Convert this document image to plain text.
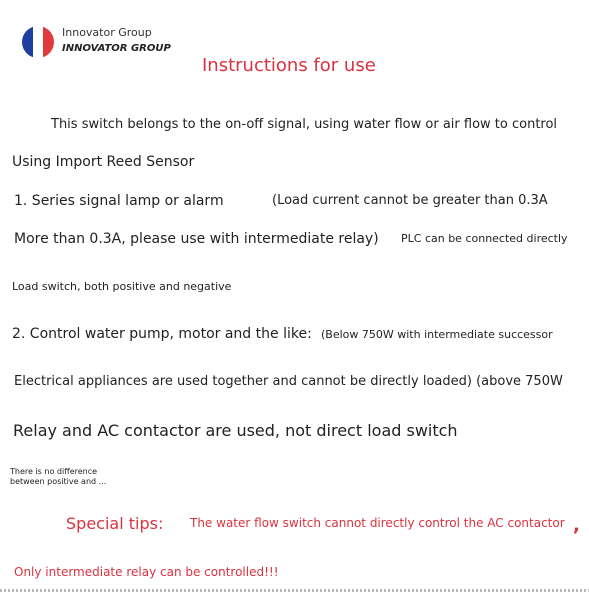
Innovator Group
INNOVATOR GROUP
Instructions for use
This switch belongs to the on-off signal, using water flow or air flow to control
Using Import Reed Sensor
1. Series signal lamp or alarm	(Load current cannot be greater than 0.3A
More than 0.3A, please use with intermediate relay) PLC can be connected directly
Load switch, both positive and negative
2. Control water pump, motor and the like: (Below 750W with intermediate successor
Electrical appliances are used together and cannot be directly loaded) (above 750W
Relay and AC contactor are used, not direct load switch
There is no difference
between positive and ...
Special tips: The water flow switch cannot directly control the AC contactor ,
Only intermediate relay can be controlled!!!
